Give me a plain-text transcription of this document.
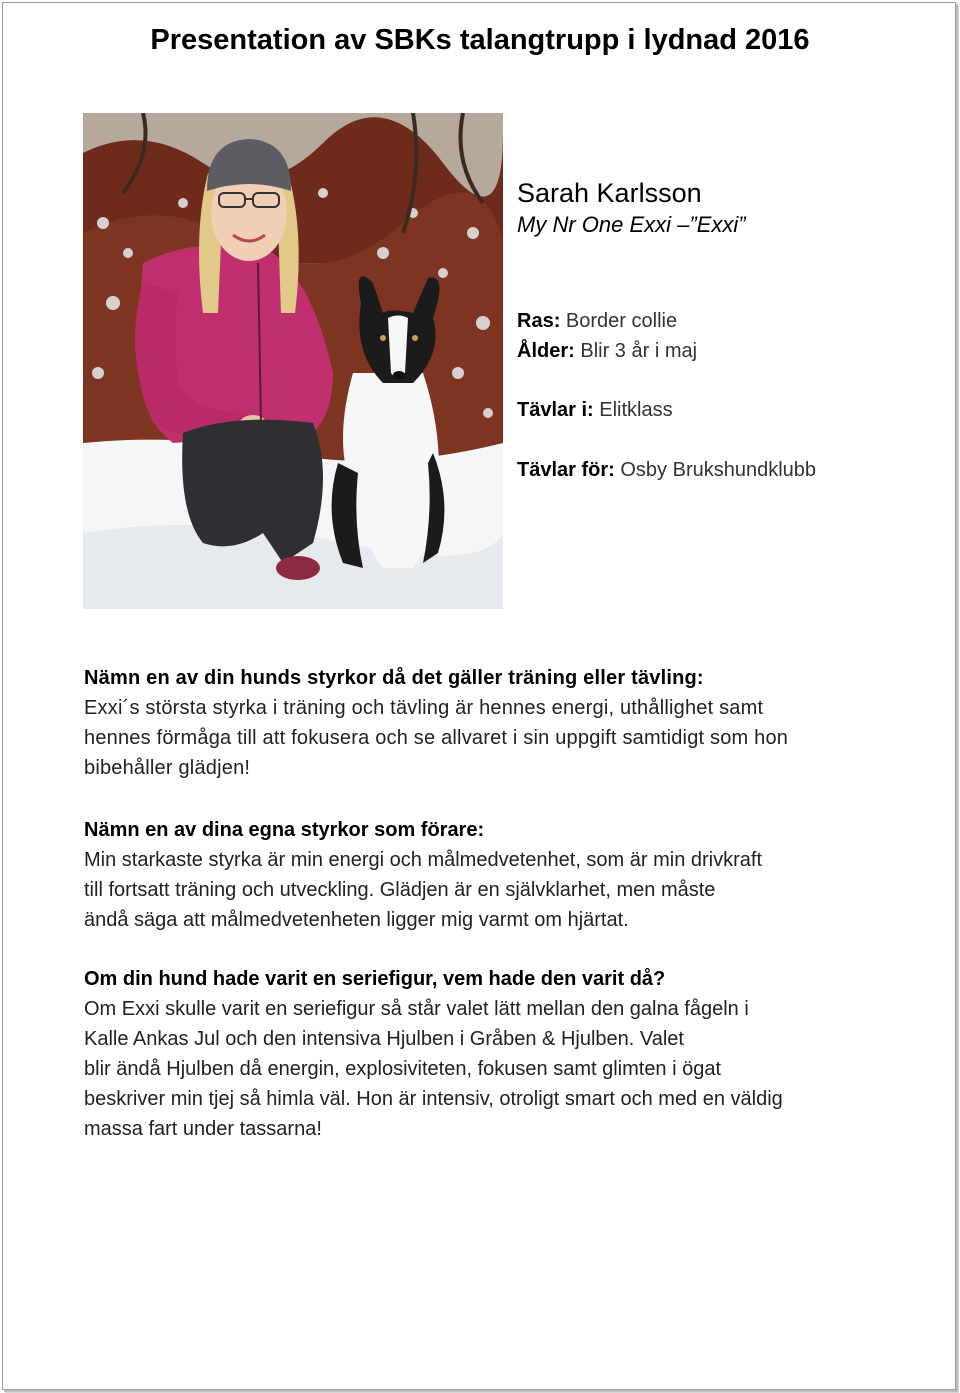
Presentation av SBKs talangtrupp i lydnad 2016
Sarah Karlsson
My Nr One Exxi –”Exxi”
Ras: Border collie
Ålder: Blir 3 år i maj
Tävlar i: Elitklass
Tävlar för: Osby Brukshundklubb
Nämn en av din hunds styrkor då det gäller träning eller tävling:
Exxi´s största styrka i träning och tävling är hennes energi, uthållighet samt
hennes förmåga till att fokusera och se allvaret i sin uppgift samtidigt som hon
bibehåller glädjen!
Nämn en av dina egna styrkor som förare:
Min starkaste styrka är min energi och målmedvetenhet, som är min drivkraft
till fortsatt träning och utveckling. Glädjen är en självklarhet, men måste
ändå säga att målmedvetenheten ligger mig varmt om hjärtat.
Om din hund hade varit en seriefigur, vem hade den varit då?
Om Exxi skulle varit en seriefigur så står valet lätt mellan den galna fågeln i
Kalle Ankas Jul och den intensiva Hjulben i Gråben & Hjulben. Valet
blir ändå Hjulben då energin, explosiviteten, fokusen samt glimten i ögat
beskriver min tjej så himla väl. Hon är intensiv, otroligt smart och med en väldig
massa fart under tassarna!
